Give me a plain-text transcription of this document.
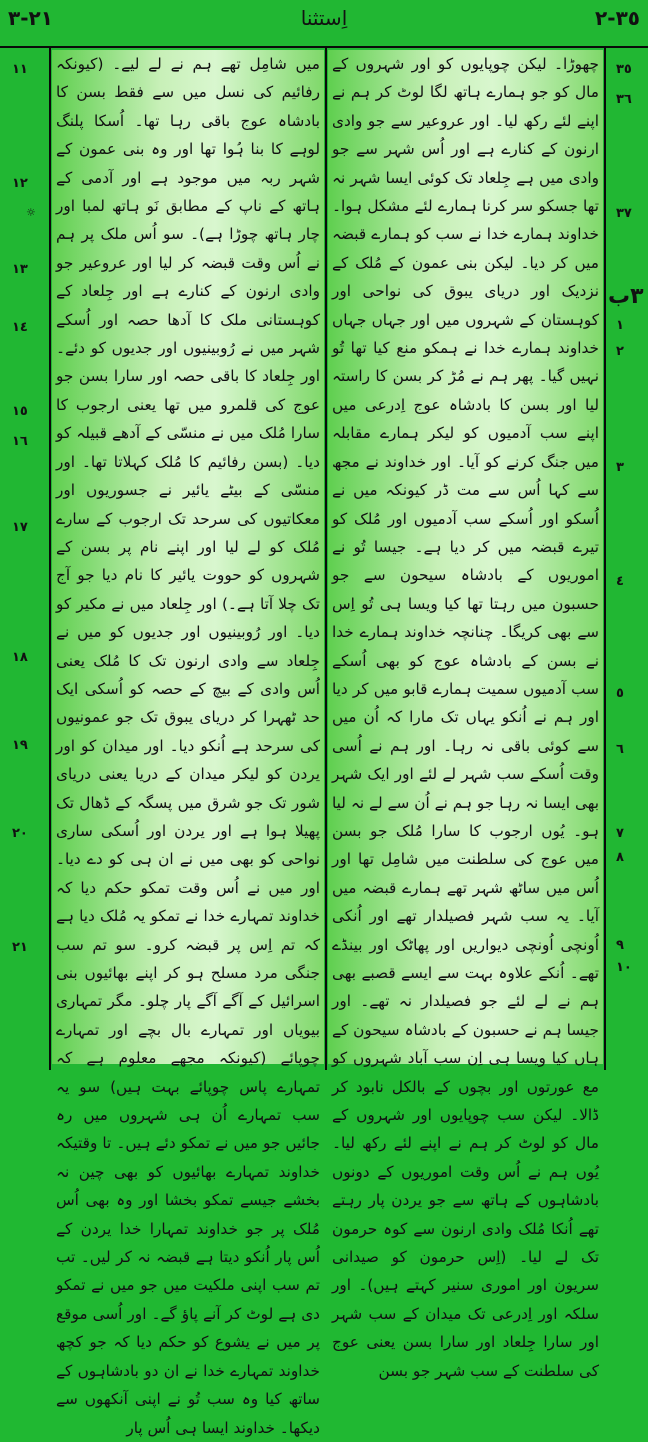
٢١-٣	اِستثنا	٣٥-٢

میں شامِل تھے ہم نے لے لیے۔ (کیونکہ رفائیم کی نسل میں سے فقط بسن کا بادشاہ عوج باقی رہا تھا۔ اُسکا پلنگ لوہے کا بنا ہُوا تھا اور وہ بنی عمون کے شہر ربہ میں موجود ہے اور آدمی کے ہاتھ کے ناپ کے مطابق نَو ہاتھ لمبا اور چار ہاتھ چوڑا ہے)۔ سو اُس ملک پر ہم نے اُس وقت قبضہ کر لیا اور عروعیر جو وادی ارنون کے کنارے ہے اور جِلعاد کے کوہستانی ملک کا آدھا حصہ اور اُسکے شہر میں نے رُوبینیوں اور جدیوں کو دئے۔ اور جِلعاد کا باقی حصہ اور سارا بسن جو عوج کی قلمرو میں تھا یعنی ارجوب کا سارا مُلک میں نے منسّی کے آدھے قبیلہ کو دیا۔ (بسن رفائیم کا مُلک کہلاتا تھا۔ اور منسّی کے بیٹے یائیر نے جسوریوں اور معکاتیوں کی سرحد تک ارجوب کے سارے مُلک کو لے لیا اور اپنے نام پر بسن کے شہروں کو حووت یائیر کا نام دیا جو آج تک چلا آتا ہے۔) اور جِلعاد میں نے مکیر کو دیا۔ اور رُوبینیوں اور جدیوں کو میں نے جِلعاد سے وادی ارنون تک کا مُلک یعنی اُس وادی کے بیچ کے حصہ کو اُسکی ایک حد ٹھہرا کر دریای یبوق تک جو عمونیوں کی سرحد ہے اُنکو دیا۔ اور میدان کو اور یردن کو لیکر میدان کے دریا یعنی دریای شور تک جو شرق میں پسگہ کے ڈھال تک پھیلا ہوا ہے اور یردن اور اُسکی ساری نواحی کو بھی میں نے ان ہی کو دے دیا۔ اور میں نے اُس وقت تمکو حکم دیا کہ خداوند تمہارے خدا نے تمکو یہ مُلک دیا ہے کہ تم اِس پر قبضہ کرو۔ سو تم سب جنگی مرد مسلح ہو کر اپنے بھائیوں بنی اسرائیل کے آگے آگے پار چلو۔ مگر تمہاری بیویاں اور تمہارے بال بچے اور تمہارے چوپائے (کیونکہ مجھے معلوم ہے کہ تمہارے پاس چوپائے بہت ہیں) سو یہ سب تمہارے اُن ہی شہروں میں رہ جائیں جو میں نے تمکو دئے ہیں۔ تا وقتیکہ خداوند تمہارے بھائیوں کو بھی چین نہ بخشے جیسے تمکو بخشا اور وہ بھی اُس مُلک پر جو خداوند تمہارا خدا یردن کے اُس پار اُنکو دیتا ہے قبضہ نہ کر لیں۔ تب تم سب اپنی ملکیت میں جو میں نے تمکو دی ہے لوٹ کر آنے پاؤ گے۔ اور اُسی موقع پر میں نے یشوع کو حکم دیا کہ جو کچھ خداوند تمہارے خدا نے ان دو بادشاہوں کے ساتھ کیا وہ سب تُو نے اپنی آنکھوں سے دیکھا۔ خداوند ایسا ہی اُس پار

چھوڑا۔ لیکن چوپایوں کو اور شہروں کے مال کو جو ہمارے ہاتھ لگا لوٹ کر ہم نے اپنے لئے رکھ لیا۔ اور عروعیر سے جو وادی ارنون کے کنارے ہے اور اُس شہر سے جو وادی میں ہے جِلعاد تک کوئی ایسا شہر نہ تھا جسکو سر کرنا ہمارے لئے مشکل ہوا۔ خداوند ہمارے خدا نے سب کو ہمارے قبضہ میں کر دیا۔ لیکن بنی عمون کے مُلک کے نزدیک اور دریای یبوق کی نواحی اور کوہستان کے شہروں میں اور جہاں جہاں خداوند ہمارے خدا نے ہمکو منع کیا تھا تُو نہیں گیا۔ پھر ہم نے مُڑ کر بسن کا راستہ لیا اور بسن کا بادشاہ عوج اِدرعی میں اپنے سب آدمیوں کو لیکر ہمارے مقابلہ میں جنگ کرنے کو آیا۔ اور خداوند نے مجھ سے کہا اُس سے مت ڈر کیونکہ میں نے اُسکو اور اُسکے سب آدمیوں اور مُلک کو تیرے قبضہ میں کر دیا ہے۔ جیسا تُو نے اموریوں کے بادشاہ سیحون سے جو حسبون میں رہتا تھا کیا ویسا ہی تُو اِس سے بھی کریگا۔ چنانچہ خداوند ہمارے خدا نے بسن کے بادشاہ عوج کو بھی اُسکے سب آدمیوں سمیت ہمارے قابو میں کر دیا اور ہم نے اُنکو یہاں تک مارا کہ اُن میں سے کوئی باقی نہ رہا۔ اور ہم نے اُسی وقت اُسکے سب شہر لے لئے اور ایک شہر بھی ایسا نہ رہا جو ہم نے اُن سے لے نہ لیا ہو۔ یُوں ارجوب کا سارا مُلک جو بسن میں عوج کی سلطنت میں شامِل تھا اور اُس میں ساٹھ شہر تھے ہمارے قبضہ میں آیا۔ یہ سب شہر فصیلدار تھے اور اُنکی اُونچی اُونچی دیواریں اور پھاٹک اور بینڈے تھے۔ اُنکے علاوہ بہت سے ایسے قصبے بھی ہم نے لے لئے جو فصیلدار نہ تھے۔ اور جیسا ہم نے حسبون کے بادشاہ سیحون کے ہاں کیا ویسا ہی اِن سب آباد شہروں کو مع عورتوں اور بچوں کے بالکل نابود کر ڈالا۔ لیکن سب چوپایوں اور شہروں کے مال کو لوٹ کر ہم نے اپنے لئے رکھ لیا۔ یُوں ہم نے اُس وقت اموریوں کے دونوں بادشاہوں کے ہاتھ سے جو یردن پار رہتے تھے اُنکا مُلک وادی ارنون سے کوہ حرمون تک لے لیا۔ (اِس حرمون کو صیدانی سریون اور اموری سنیر کہتے ہیں)۔ اور سلکہ اور اِدرعی تک میدان کے سب شہر اور سارا جِلعاد اور سارا بسن یعنی عوج کی سلطنت کے سب شہر جو بسن

١١
١٢
١٣
١٤
١٥
١٦
١٧
١٨
١٩
٢٠
٢١
٣٥
٣٦
٣٧
٣ب
١
٢
٣
٤
٥
٦
٧
٨
٩
١٠
☼
